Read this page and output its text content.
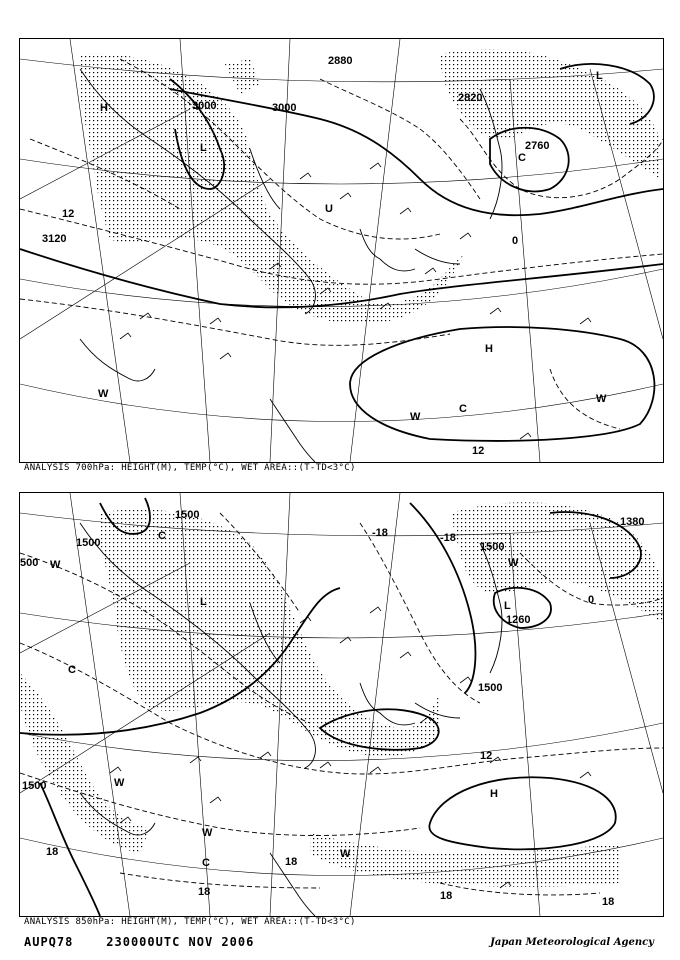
H	3000	3000
L
U
12
3120
W
2880
L
C
2760
0
H
W
C
W
12
2820
ANALYSIS 700hPa: HEIGHT(M), TEMP(°C), WET AREA::(T-TD<3°C)
1500
1500
500 W
C
L
-18	-18
1380
W
L
1260
0
1500
1500
C
12
H
1500	W
18
W
C	18
W
18	18	18
ANALYSIS 850hPa: HEIGHT(M), TEMP(°C), WET AREA::(T-TD<3°C)
AUPQ78	230000UTC NOV 2006	Japan Meteorological Agency
